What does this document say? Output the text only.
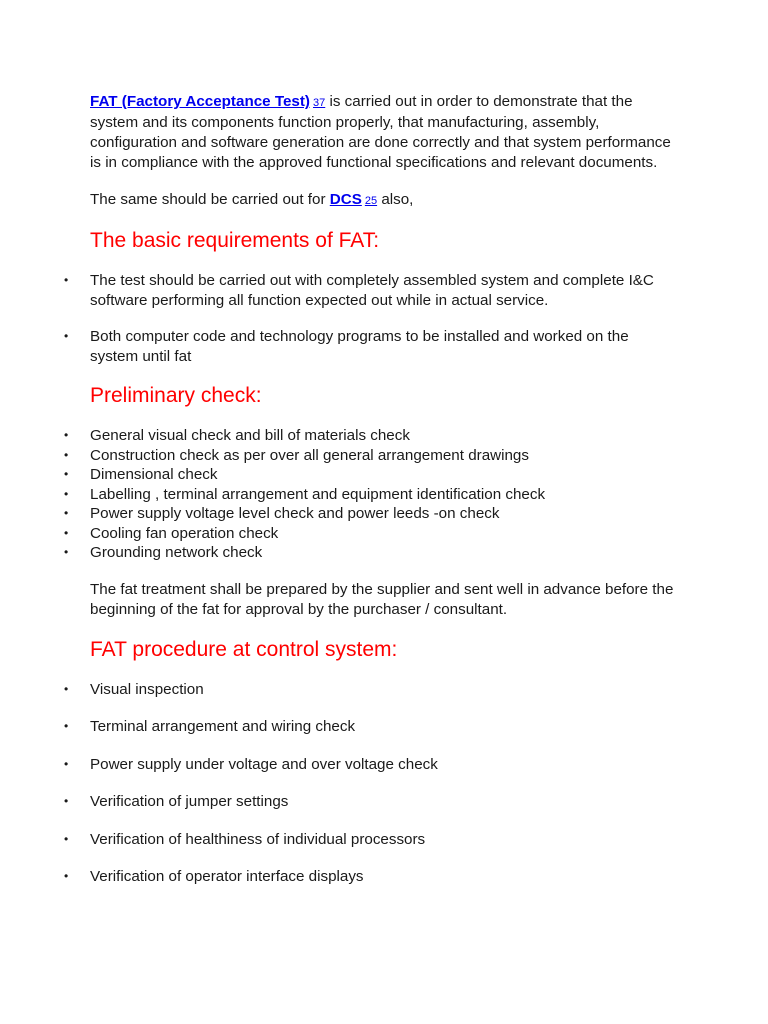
FAT (Factory Acceptance Test) 37 is carried out in order to demonstrate that the system and its components function properly, that manufacturing, assembly, configuration and software generation are done correctly and that system performance is in compliance with the approved functional specifications and relevant documents.

The same should be carried out for DCS 25 also,

The basic requirements of FAT:
• The test should be carried out with completely assembled system and complete I&C software performing all function expected out while in actual service.
• Both computer code and technology programs to be installed and worked on the system until fat
Preliminary check:
• General visual check and bill of materials check
• Construction check as per over all general arrangement drawings
• Dimensional check
• Labelling , terminal arrangement and equipment identification check
• Power supply voltage level check and power leeds -on check
• Cooling fan operation check
• Grounding network check

The fat treatment shall be prepared by the supplier and sent well in advance before the beginning of the fat for approval by the purchaser / consultant.

FAT procedure at control system:
• Visual inspection
• Terminal arrangement and wiring check
• Power supply under voltage and over voltage check
• Verification of jumper settings
• Verification of healthiness of individual processors
• Verification of operator interface displays
